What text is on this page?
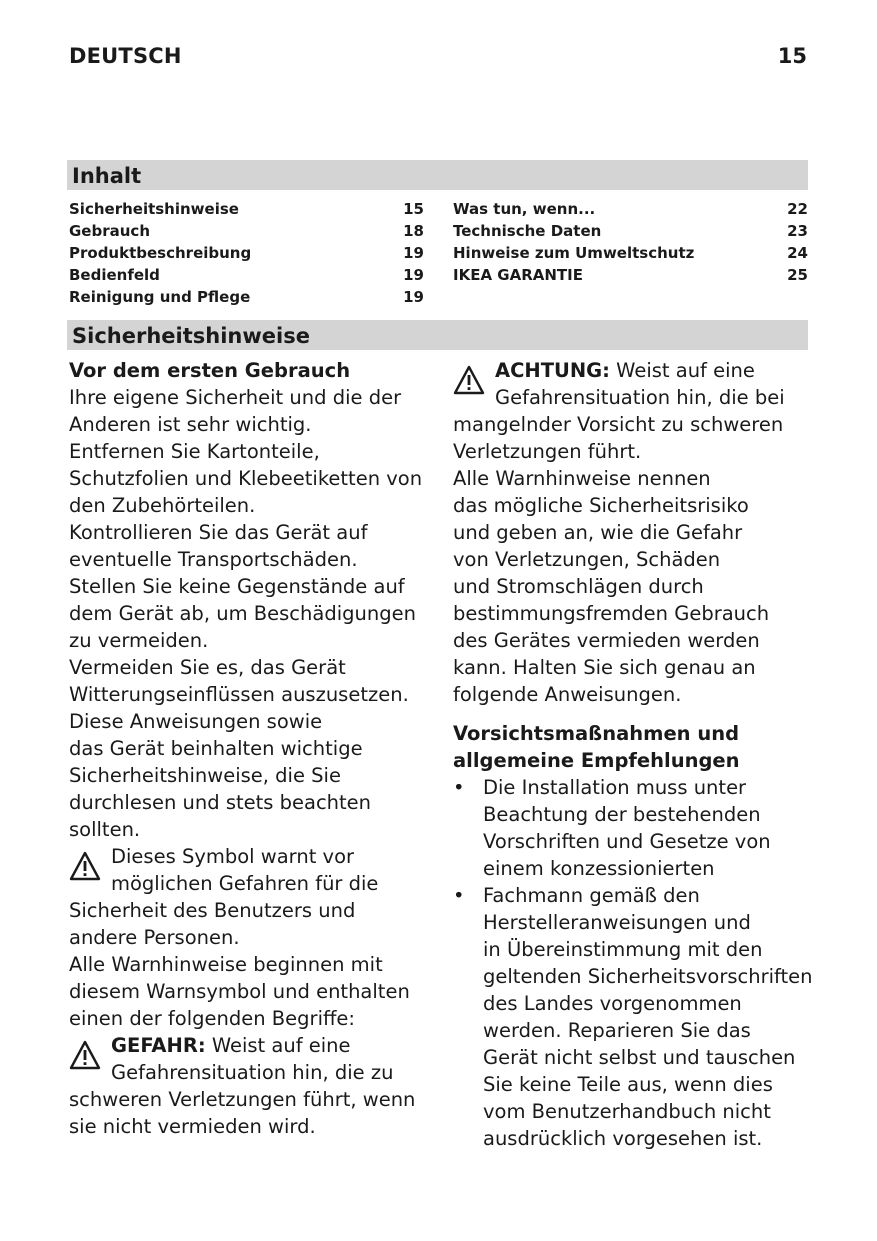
DEUTSCH	15
Inhalt
Sicherheitshinweise	15
Gebrauch	18
Produktbeschreibung	19
Bedienfeld	19
Reinigung und Pflege	19
Was tun, wenn...	22
Technische Daten	23
Hinweise zum Umweltschutz	24
IKEA GARANTIE	25
Sicherheitshinweise

Vor dem ersten Gebrauch

Ihre eigene Sicherheit und die der

Anderen ist sehr wichtig.

Entfernen Sie Kartonteile,

Schutzfolien und Klebeetiketten von

den Zubehörteilen.

Kontrollieren Sie das Gerät auf

eventuelle Transportschäden.

Stellen Sie keine Gegenstände auf

dem Gerät ab, um Beschädigungen

zu vermeiden.

Vermeiden Sie es, das Gerät

Witterungseinflüssen auszusetzen.

Diese Anweisungen sowie

das Gerät beinhalten wichtige

Sicherheitshinweise, die Sie

durchlesen und stets beachten

sollten.

Dieses Symbol warnt vor

möglichen Gefahren für die

Sicherheit des Benutzers und

andere Personen.

Alle Warnhinweise beginnen mit

diesem Warnsymbol und enthalten

einen der folgenden Begriffe:

GEFAHR: Weist auf eine

Gefahrensituation hin, die zu

schweren Verletzungen führt, wenn

sie nicht vermieden wird.

ACHTUNG: Weist auf eine

Gefahrensituation hin, die bei

mangelnder Vorsicht zu schweren

Verletzungen führt.

Alle Warnhinweise nennen

das mögliche Sicherheitsrisiko

und geben an, wie die Gefahr

von Verletzungen, Schäden

und Stromschlägen durch

bestimmungsfremden Gebrauch

des Gerätes vermieden werden

kann. Halten Sie sich genau an

folgende Anweisungen.

Vorsichtsmaßnahmen und

allgemeine Empfehlungen

• Die Installation muss unter

Beachtung der bestehenden

Vorschriften und Gesetze von

einem konzessionierten

• Fachmann gemäß den

Herstelleranweisungen und

in Übereinstimmung mit den

geltenden Sicherheitsvorschriften

des Landes vorgenommen

werden. Reparieren Sie das

Gerät nicht selbst und tauschen

Sie keine Teile aus, wenn dies

vom Benutzerhandbuch nicht

ausdrücklich vorgesehen ist.
